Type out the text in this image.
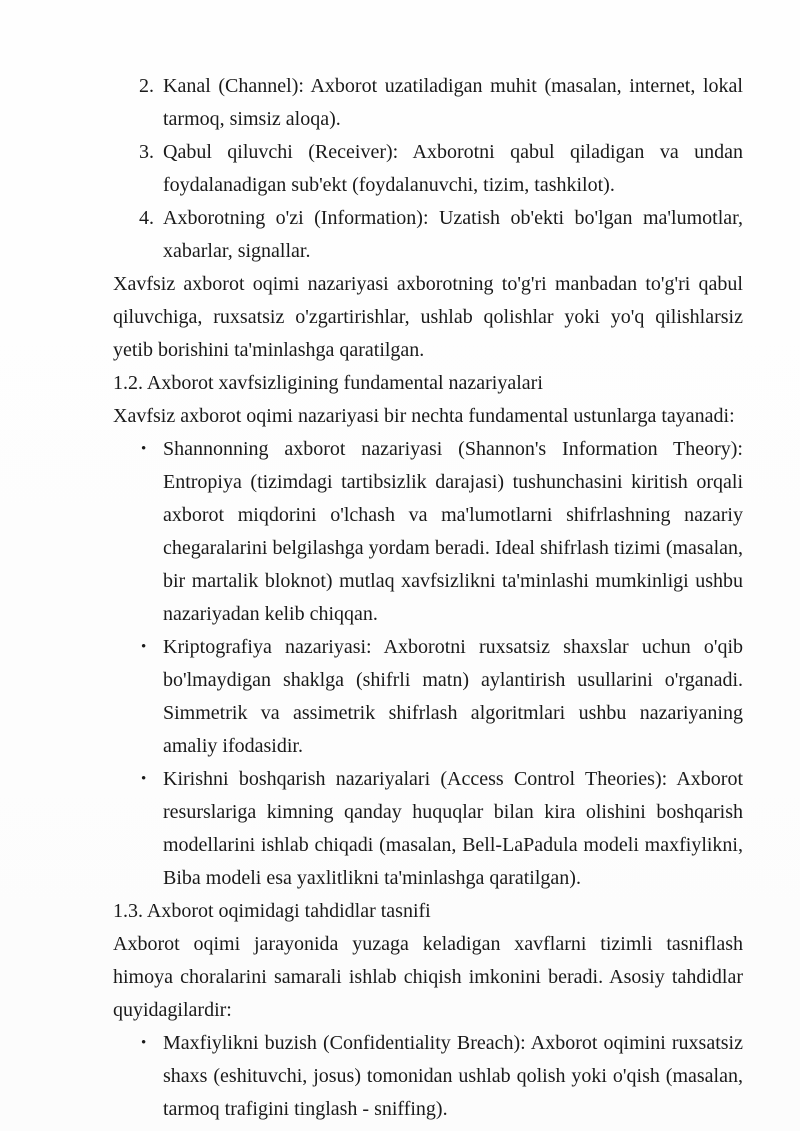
2. Kanal (Channel): Axborot uzatiladigan muhit (masalan, internet, lokal tarmoq, simsiz aloqa).
3. Qabul qiluvchi (Receiver): Axborotni qabul qiladigan va undan foydalanadigan sub'ekt (foydalanuvchi, tizim, tashkilot).
4. Axborotning o'zi (Information): Uzatish ob'ekti bo'lgan ma'lumotlar, xabarlar, signallar.

Xavfsiz axborot oqimi nazariyasi axborotning to'g'ri manbadan to'g'ri qabul qiluvchiga, ruxsatsiz o'zgartirishlar, ushlab qolishlar yoki yo'q qilishlarsiz yetib borishini ta'minlashga qaratilgan.

1.2. Axborot xavfsizligining fundamental nazariyalari

Xavfsiz axborot oqimi nazariyasi bir nechta fundamental ustunlarga tayanadi:

• Shannonning axborot nazariyasi (Shannon's Information Theory): Entropiya (tizimdagi tartibsizlik darajasi) tushunchasini kiritish orqali axborot miqdorini o'lchash va ma'lumotlarni shifrlashning nazariy chegaralarini belgilashga yordam beradi. Ideal shifrlash tizimi (masalan, bir martalik bloknot) mutlaq xavfsizlikni ta'minlashi mumkinligi ushbu nazariyadan kelib chiqqan.
• Kriptografiya nazariyasi: Axborotni ruxsatsiz shaxslar uchun o'qib bo'lmaydigan shaklga (shifrli matn) aylantirish usullarini o'rganadi. Simmetrik va assimetrik shifrlash algoritmlari ushbu nazariyaning amaliy ifodasidir.
• Kirishni boshqarish nazariyalari (Access Control Theories): Axborot resurslariga kimning qanday huquqlar bilan kira olishini boshqarish modellarini ishlab chiqadi (masalan, Bell-LaPadula modeli maxfiylikni, Biba modeli esa yaxlitlikni ta'minlashga qaratilgan).

1.3. Axborot oqimidagi tahdidlar tasnifi

Axborot oqimi jarayonida yuzaga keladigan xavflarni tizimli tasniflash himoya choralarini samarali ishlab chiqish imkonini beradi. Asosiy tahdidlar quyidagilardir:

• Maxfiylikni buzish (Confidentiality Breach): Axborot oqimini ruxsatsiz shaxs (eshituvchi, josus) tomonidan ushlab qolish yoki o'qish (masalan, tarmoq trafigini tinglash - sniffing).
